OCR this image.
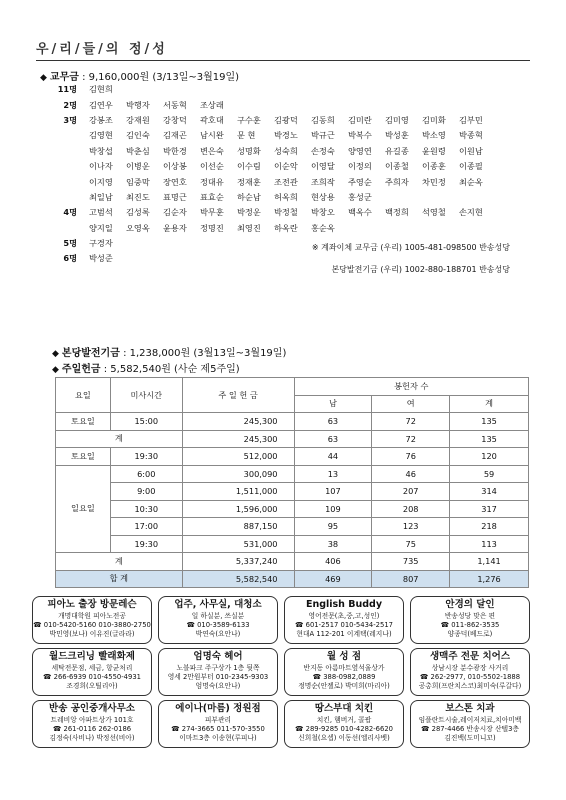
우/리/들/의 정/성
◆ 교무금 : 9,160,000원 (3/13일~3월19일)
11명	김현희										
2명	김연우	박행자	서동혁	조상래							
3명	강봉조	강재원	강창덕	곽호대	구수훈	김광덕	김동희	김미란	김미영	김미화	김부민
	김영현	김인숙	김재곤	남시완	문 현	박경노	박규근	박복수	박성훈	박소영	박종혁
	박창섭	박춘심	박한경	변은숙	성명화	성숙희	손정숙	양영연	유길종	윤원령	이원남
	이나자	이병운	이상봉	이선순	이수림	이순악	이영달	이정의	이종철	이종훈	이종필
	이지영	임중막	장연호	정대유	정재훈	조전관	조희작	주영순	주희자	차민정	최순옥
	최일남	최진도	표명근	표효순	하순남	허옥희	현상용	홍성군			
4명	고범석	김성록	김순자	박무훈	박정운	박정철	박창오	백옥수	백정희	석영철	손지현
	양지일	오영옥	윤용자	정명진	최영진	하옥란	홍순옥				
5명	구경자										
6명	박성준										
※ 계좌이체 교무금 (우리) 1005-481-098500 반송성당
본당발전기금 (우리) 1002-880-188701 반송성당
◆ 본당발전기금 : 1,238,000원 (3월13일~3월19일)
◆ 주일헌금 : 5,582,540원 (사순 제5주일)
요일	미사시간	주 일 헌 금	봉헌자 수		
			남	여	계
토요일	15:00	245,300	63	72	135
계		245,300	63	72	135
토요일	19:30	512,000	44	76	120
일요일	6:00	300,090	13	46	59
	9:00	1,511,000	107	207	314
	10:30	1,596,000	109	208	317
	17:00	887,150	95	123	218
	19:30	531,000	38	75	113
계		5,337,240	406	735	1,141
합 계		5,582,540	469	807	1,276
피아노 출장 방문레슨
개명대학원 피아노전공
☎ 010-5420-5160 010-3880-2750
박민영(보나) 이유진(글라라)
업주, 사무실, 대청소
일 하실분, 쓰실분
☎ 010-3589-6133
박연숙(요안나)
English Buddy
영어전문(초,중,고,성인)
☎ 601-2517 010-5434-2517
현대A 112-201 이계택(레지나)
안경의 달인
반송성당 맞은 편
☎ 011-862-3535
양종덕(베드로)
월드크리닝 빨래화제
세탁전문점, 세금, 항균처리
☎ 266-6939 010-4550-4931
조경희(오틸리아)
엄명숙 헤어
노블파크 주구상가 1층 뒷쪽
영세 2만원부터 010-2345-9303
엄명숙(요안나)
월 성 점
반지동 아름마트옆석울상가
☎ 388-0982,0889
정명순(안젤로) 박미희(마리아)
생맥주 전문 치어스
상남시장 분수광장 사거리
☎ 262-2977, 010-5502-1888
공총희(프란치스코)최미숙(루갈다)
반송 공인중개사무소
트레비앙 아파트상가 101호
☎ 261-0116 262-0186
김정숙(사비나) 박정선(비아)
에이나(마름) 정원점
피부관리
☎ 274-3665 011-570-3550
이마트3층 이송현(루피나)
땅스부대 치킨
치킨, 햄버거, 콜팝
☎ 289-9285 010-4282-6620
신희철(요셉) 이동선(엘리사벳)
보스톤 치과
임플란트시술,레이저치료,치아미백
☎ 287-4466 반송시장 산텔3층
김진백(도미니꼬)
